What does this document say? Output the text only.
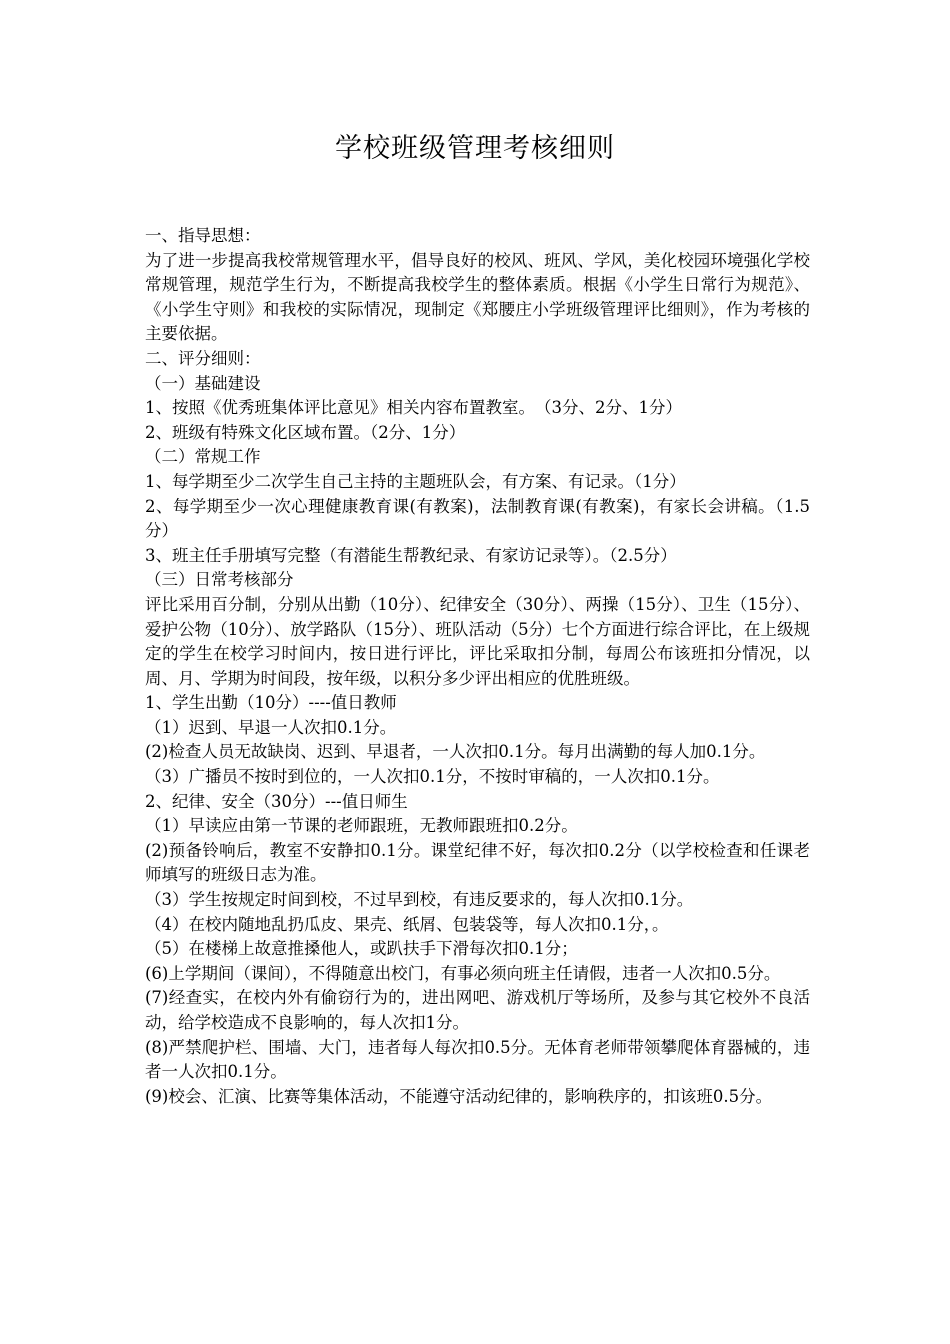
学校班级管理考核细则
一、指导思想：
为了进一步提高我校常规管理水平，倡导良好的校风、班风、学风，美化校园环境强化学校常规管理，规范学生行为，不断提高我校学生的整体素质。根据《小学生日常行为规范》、《小学生守则》和我校的实际情况，现制定《郑腰庄小学班级管理评比细则》，作为考核的主要依据。
二、评分细则：
（一）基础建设
1、按照《优秀班集体评比意见》相关内容布置教室。　（3分、2分、1分）
2、班级有特殊文化区域布置。（2分、1分）
（二）常规工作
1、每学期至少二次学生自己主持的主题班队会，有方案、有记录。（1分）
2、每学期至少一次心理健康教育课(有教案)，法制教育课(有教案)，有家长会讲稿。（1.5分）
3、班主任手册填写完整（有潜能生帮教纪录、有家访记录等）。（2.5分）
（三）日常考核部分
评比采用百分制，分别从出勤（10分）、纪律安全（30分）、两操（15分）、卫生（15分）、爱护公物（10分）、放学路队（15分）、班队活动（5分）七个方面进行综合评比，在上级规定的学生在校学习时间内，按日进行评比，评比采取扣分制，每周公布该班扣分情况，以周、月、学期为时间段，按年级，以积分多少评出相应的优胜班级。
1、学生出勤（10分）----值日教师
（1）迟到、早退一人次扣0.1分。
(2)检查人员无故缺岗、迟到、早退者，一人次扣0.1分。每月出满勤的每人加0.1分。
（3）广播员不按时到位的，一人次扣0.1分，不按时审稿的，一人次扣0.1分。
2、纪律、安全（30分）---值日师生
（1）早读应由第一节课的老师跟班，无教师跟班扣0.2分。
(2)预备铃响后，教室不安静扣0.1分。课堂纪律不好，每次扣0.2分（以学校检查和任课老师填写的班级日志为准。
（3）学生按规定时间到校，不过早到校，有违反要求的，每人次扣0.1分。
（4）在校内随地乱扔瓜皮、果壳、纸屑、包装袋等，每人次扣0.1分，。
（5）在楼梯上故意推搡他人，或趴扶手下滑每次扣0.1分；
(6)上学期间（课间），不得随意出校门，有事必须向班主任请假，违者一人次扣0.5分。
(7)经查实，在校内外有偷窃行为的，进出网吧、游戏机厅等场所，及参与其它校外不良活动，给学校造成不良影响的，每人次扣1分。
(8)严禁爬护栏、围墙、大门，违者每人每次扣0.5分。无体育老师带领攀爬体育器械的，违者一人次扣0.1分。
(9)校会、汇演、比赛等集体活动，不能遵守活动纪律的，影响秩序的，扣该班0.5分。
